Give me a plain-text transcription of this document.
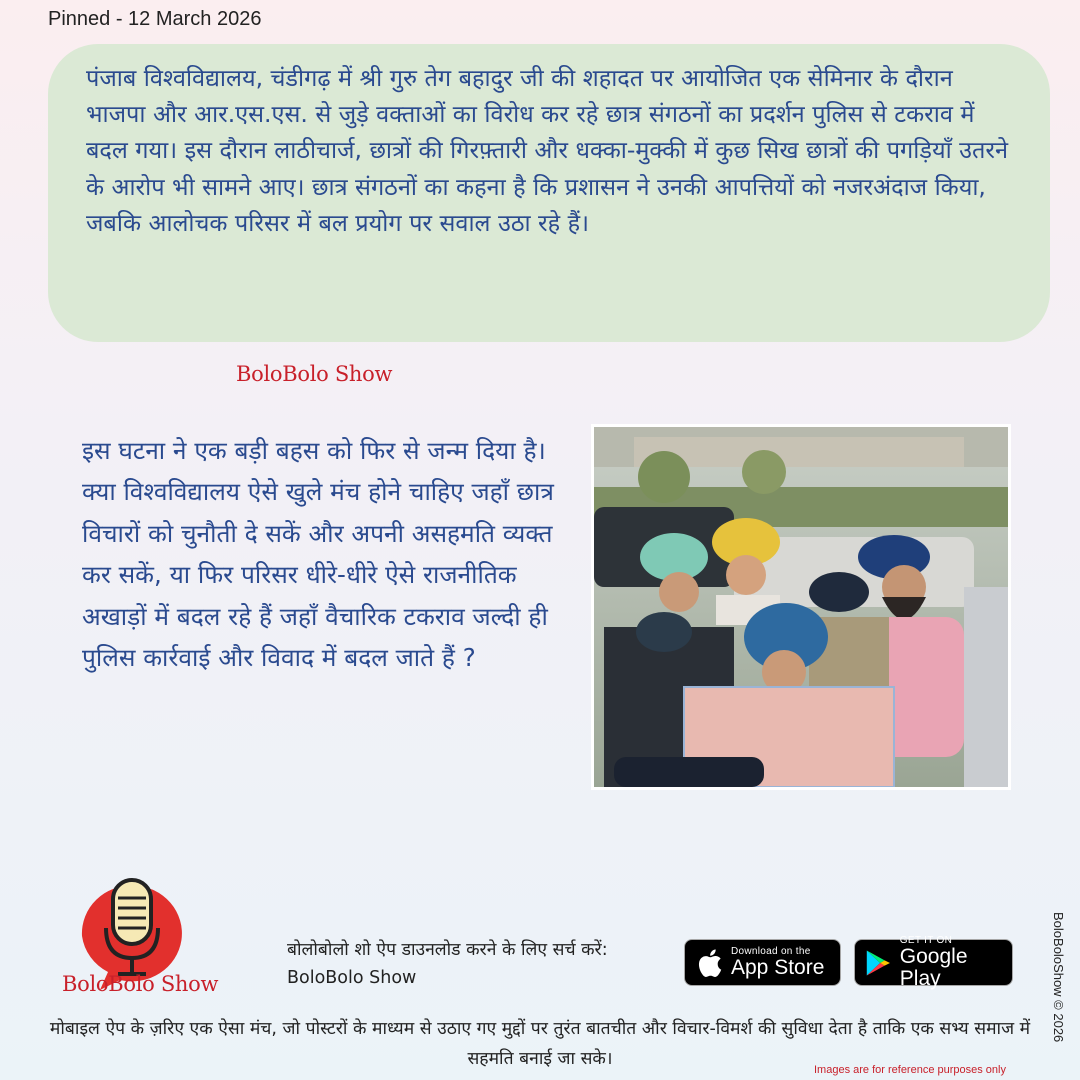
Pinned - 12 March 2026

पंजाब विश्वविद्यालय, चंडीगढ़ में श्री गुरु तेग बहादुर जी की शहादत पर आयोजित एक सेमिनार के दौरान भाजपा और आर.एस.एस. से जुड़े वक्ताओं का विरोध कर रहे छात्र संगठनों का प्रदर्शन पुलिस से टकराव में बदल गया। इस दौरान लाठीचार्ज, छात्रों की गिरफ़्तारी और धक्का-मुक्की में कुछ सिख छात्रों की पगड़ियाँ उतरने के आरोप भी सामने आए। छात्र संगठनों का कहना है कि प्रशासन ने उनकी आपत्तियों को नजरअंदाज किया, जबकि आलोचक परिसर में बल प्रयोग पर सवाल उठा रहे हैं।

BoloBolo Show
इस घटना ने एक बड़ी बहस को फिर से जन्म दिया है। क्या विश्वविद्यालय ऐसे खुले मंच होने चाहिए जहाँ छात्र विचारों को चुनौती दे सकें और अपनी असहमति व्यक्त कर सकें, या फिर परिसर धीरे-धीरे ऐसे राजनीतिक अखाड़ों में बदल रहे हैं जहाँ वैचारिक टकराव जल्दी ही पुलिस कार्रवाई और विवाद में बदल जाते हैं ?
BoloBolo Show
बोलोबोलो शो ऐप डाउनलोड करने के लिए सर्च करें:
BoloBolo Show
Download on the
App Store
GET IT ON
Google Play
मोबाइल ऐप के ज़रिए एक ऐसा मंच, जो पोस्टरों के माध्यम से उठाए गए मुद्दों पर तुरंत बातचीत और विचार-विमर्श की सुविधा देता है ताकि एक सभ्य समाज में सहमति बनाई जा सके।
Images are for reference purposes only
BoloBoloShow © 2026
